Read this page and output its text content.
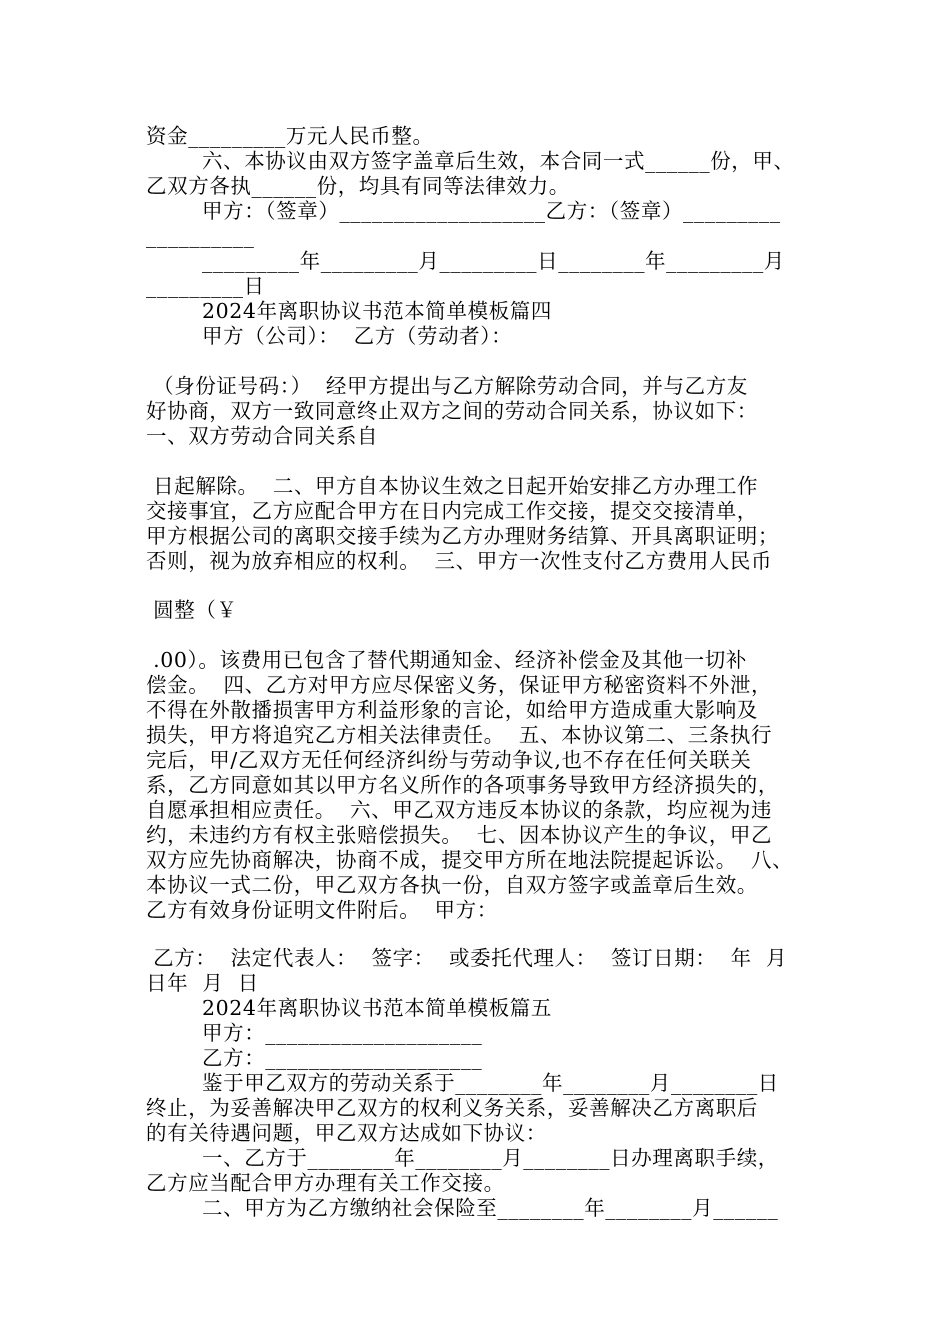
资金_________万元人民币整。
六、本协议由双方签字盖章后生效，本合同一式______份，甲、
乙双方各执______份，均具有同等法律效力。
甲方：（签章）___________________乙方：（签章）_________
__________
_________年_________月_________日________年_________月
_________日
2024年离职协议书范本简单模板篇四
甲方（公司）：  乙方（劳动者）：
（身份证号码：）  经甲方提出与乙方解除劳动合同，并与乙方友
好协商，双方一致同意终止双方之间的劳动合同关系，协议如下：
一、双方劳动合同关系自
日起解除。  二、甲方自本协议生效之日起开始安排乙方办理工作
交接事宜，乙方应配合甲方在日内完成工作交接，提交交接清单，
甲方根据公司的离职交接手续为乙方办理财务结算、开具离职证明；
否则，视为放弃相应的权利。  三、甲方一次性支付乙方费用人民币
圆整（￥
.00）。该费用已包含了替代期通知金、经济补偿金及其他一切补
偿金。  四、乙方对甲方应尽保密义务，保证甲方秘密资料不外泄，
不得在外散播损害甲方利益形象的言论，如给甲方造成重大影响及
损失，甲方将追究乙方相关法律责任。  五、本协议第二、三条执行
完后，甲/乙双方无任何经济纠纷与劳动争议,也不存在任何关联关
系，乙方同意如其以甲方名义所作的各项事务导致甲方经济损失的，
自愿承担相应责任。  六、甲乙双方违反本协议的条款，均应视为违
约，未违约方有权主张赔偿损失。  七、因本协议产生的争议，甲乙
双方应先协商解决，协商不成，提交甲方所在地法院提起诉讼。  八、
本协议一式二份，甲乙双方各执一份，自双方签字或盖章后生效。
乙方有效身份证明文件附后。  甲方：
乙方：  法定代表人：  签字：  或委托代理人：  签订日期：  年  月
日年  月  日
2024年离职协议书范本简单模板篇五
甲方：____________________
乙方：____________________
鉴于甲乙双方的劳动关系于________年________月________日
终止，为妥善解决甲乙双方的权利义务关系，妥善解决乙方离职后
的有关待遇问题，甲乙双方达成如下协议：
一、乙方于________年________月________日办理离职手续，
乙方应当配合甲方办理有关工作交接。
二、甲方为乙方缴纳社会保险至________年________月______
